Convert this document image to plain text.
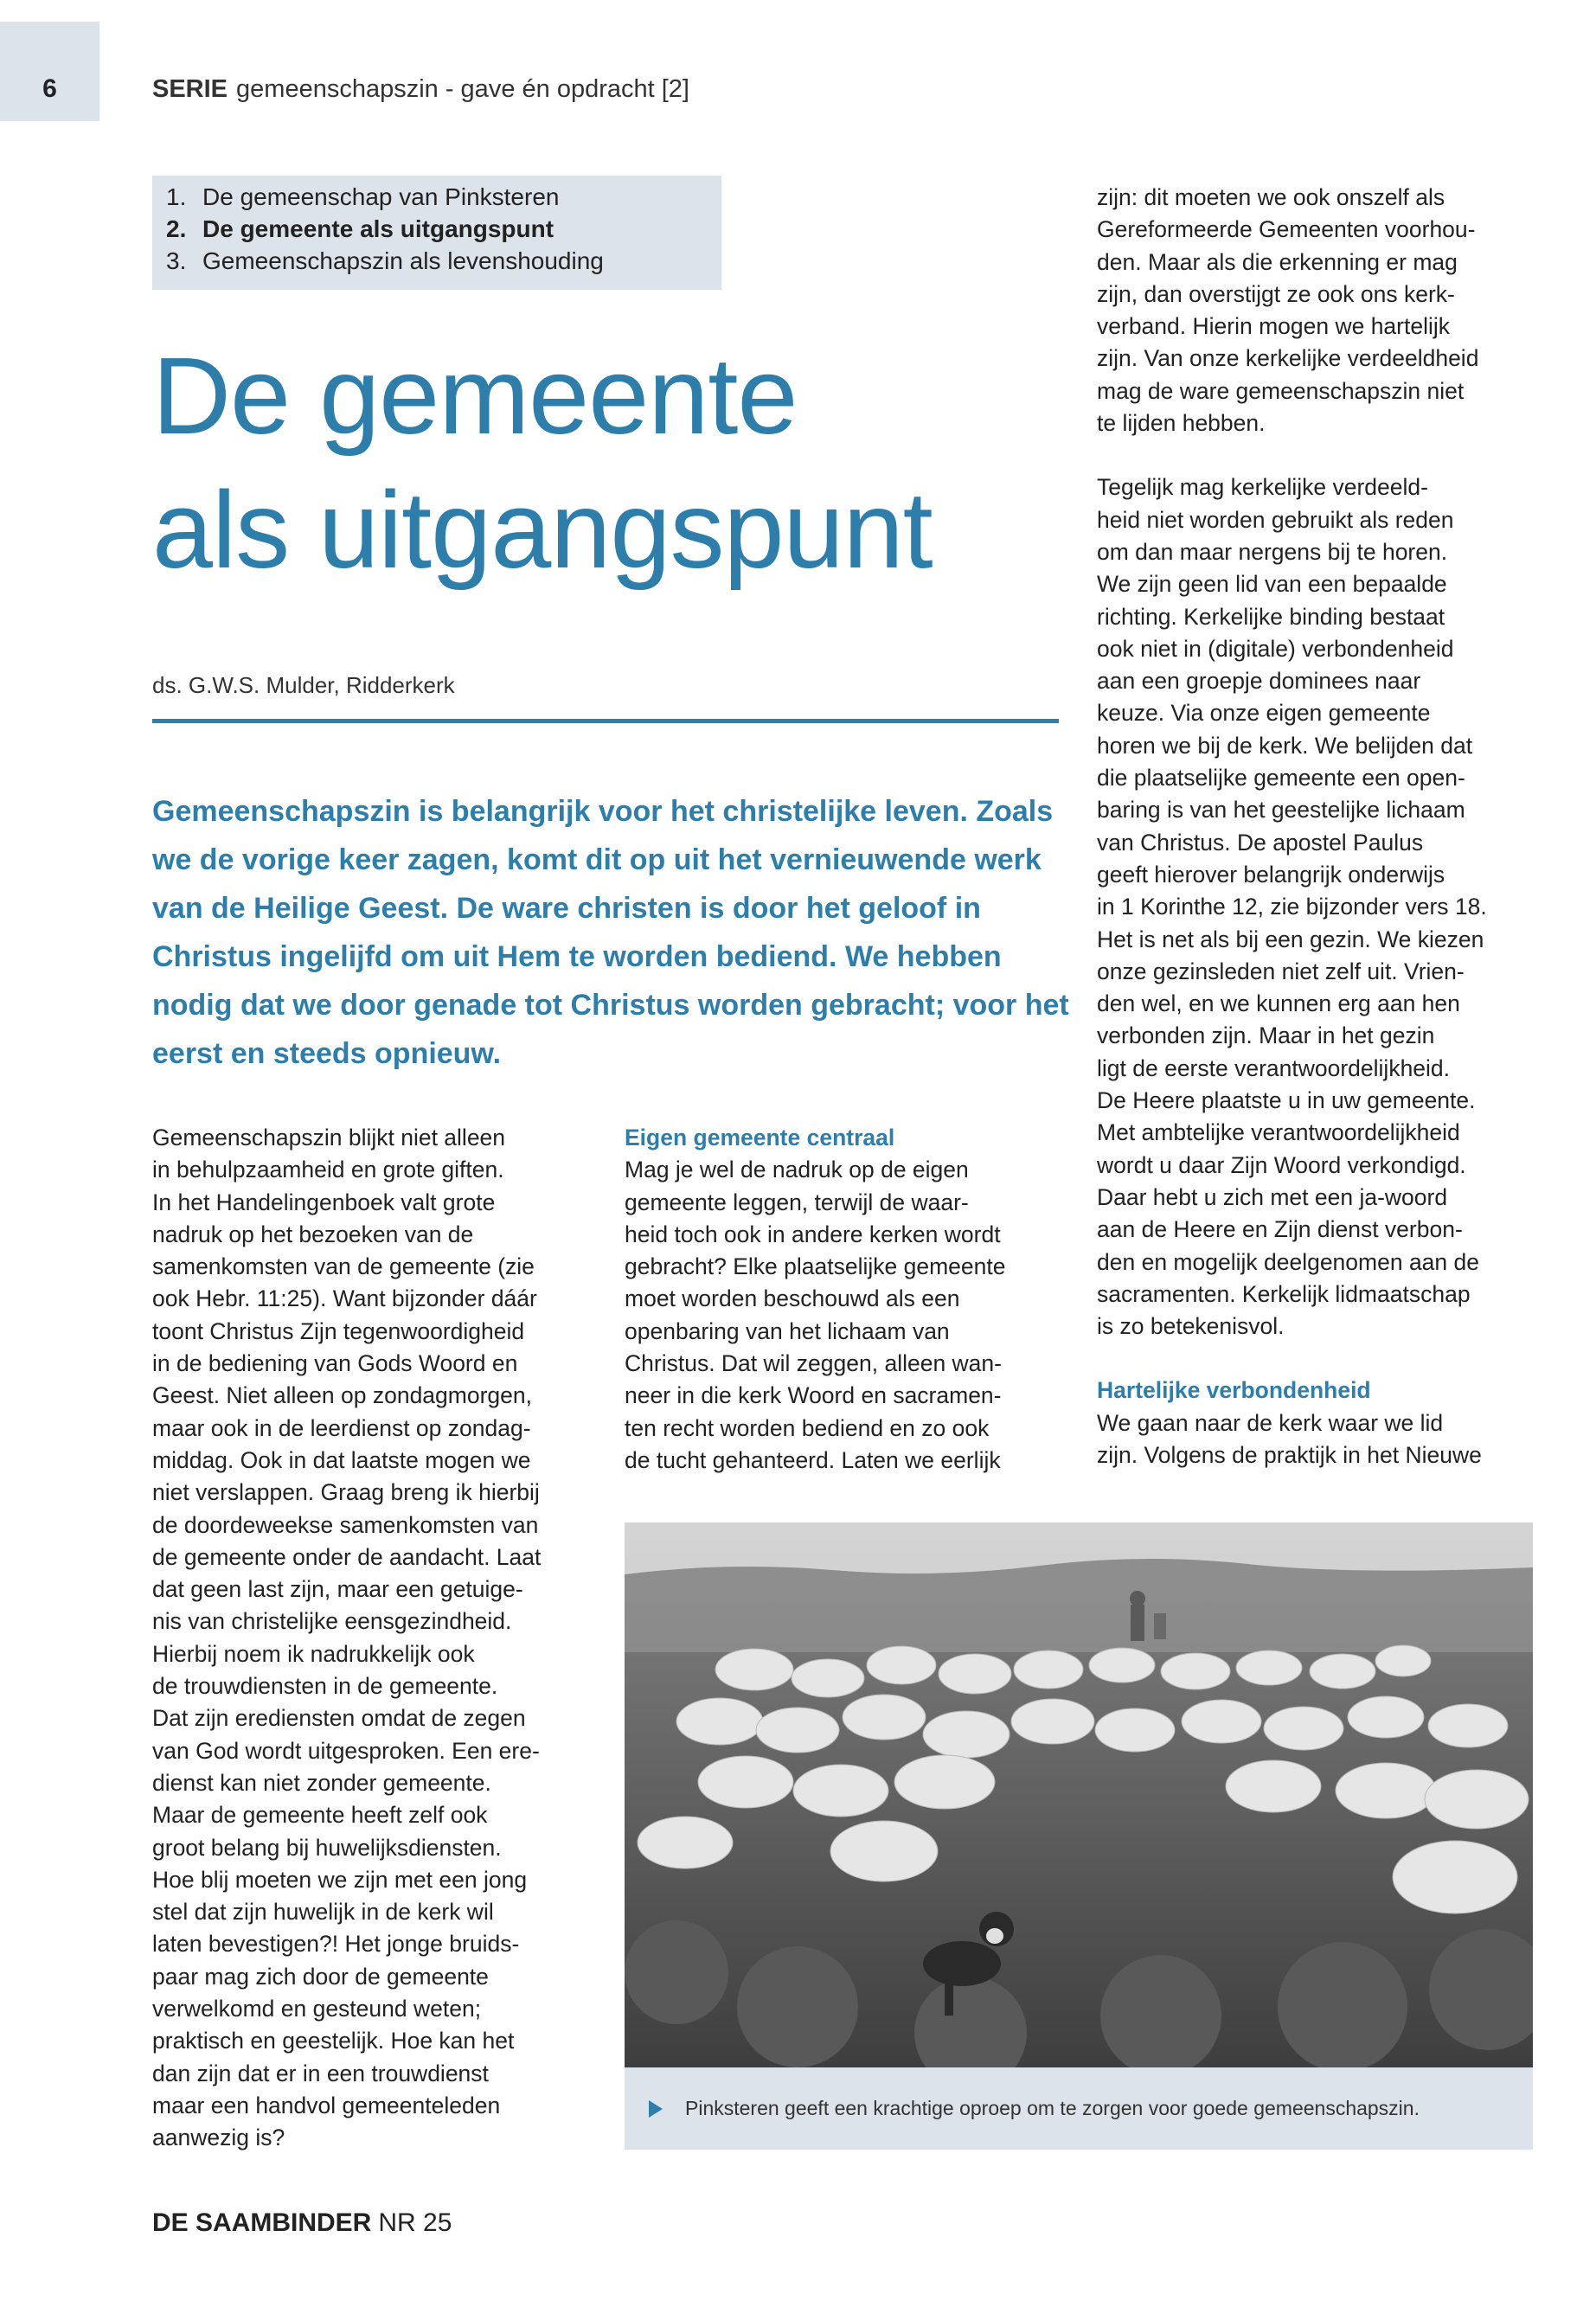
6	SERIE gemeenschapszin - gave én opdracht [2]
1. De gemeenschap van Pinksteren
2. De gemeente als uitgangspunt
3. Gemeenschapszin als levenshouding
De gemeente
als uitgangspunt
ds. G.W.S. Mulder, Ridderkerk

Gemeenschapszin is belangrijk voor het christelijke leven. Zoals we de vorige keer zagen, komt dit op uit het vernieuwende werk van de Heilige Geest. De ware christen is door het geloof in Christus ingelijfd om uit Hem te worden bediend. We hebben nodig dat we door genade tot Christus worden gebracht; voor het eerst en steeds opnieuw.

Gemeenschapszin blijkt niet alleen
in behulpzaamheid en grote giften.
In het Handelingenboek valt grote
nadruk op het bezoeken van de
samenkomsten van de gemeente (zie
ook Hebr. 11:25). Want bijzonder dáár
toont Christus Zijn tegenwoordigheid
in de bediening van Gods Woord en
Geest. Niet alleen op zondagmorgen,
maar ook in de leerdienst op zondag-
middag. Ook in dat laatste mogen we
niet verslappen. Graag breng ik hierbij
de doordeweekse samenkomsten van
de gemeente onder de aandacht. Laat
dat geen last zijn, maar een getuige-
nis van christelijke eensgezindheid.
Hierbij noem ik nadrukkelijk ook
de trouwdiensten in de gemeente.
Dat zijn erediensten omdat de zegen
van God wordt uitgesproken. Een ere-
dienst kan niet zonder gemeente.
Maar de gemeente heeft zelf ook
groot belang bij huwelijksdiensten.
Hoe blij moeten we zijn met een jong
stel dat zijn huwelijk in de kerk wil
laten bevestigen?! Het jonge bruids-
paar mag zich door de gemeente
verwelkomd en gesteund weten;
praktisch en geestelijk. Hoe kan het
dan zijn dat er in een trouwdienst
maar een handvol gemeenteleden
aanwezig is?
Eigen gemeente centraal
Mag je wel de nadruk op de eigen
gemeente leggen, terwijl de waar-
heid toch ook in andere kerken wordt
gebracht? Elke plaatselijke gemeente
moet worden beschouwd als een
openbaring van het lichaam van
Christus. Dat wil zeggen, alleen wan-
neer in die kerk Woord en sacramen-
ten recht worden bediend en zo ook
de tucht gehanteerd. Laten we eerlijk
zijn: dit moeten we ook onszelf als
Gereformeerde Gemeenten voorhou-
den. Maar als die erkenning er mag
zijn, dan overstijgt ze ook ons kerk-
verband. Hierin mogen we hartelijk
zijn. Van onze kerkelijke verdeeldheid
mag de ware gemeenschapszin niet
te lijden hebben.
Tegelijk mag kerkelijke verdeeld-
heid niet worden gebruikt als reden
om dan maar nergens bij te horen.
We zijn geen lid van een bepaalde
richting. Kerkelijke binding bestaat
ook niet in (digitale) verbondenheid
aan een groepje dominees naar
keuze. Via onze eigen gemeente
horen we bij de kerk. We belijden dat
die plaatselijke gemeente een open-
baring is van het geestelijke lichaam
van Christus. De apostel Paulus
geeft hierover belangrijk onderwijs
in 1 Korinthe 12, zie bijzonder vers 18.
Het is net als bij een gezin. We kiezen
onze gezinsleden niet zelf uit. Vrien-
den wel, en we kunnen erg aan hen
verbonden zijn. Maar in het gezin
ligt de eerste verantwoordelijkheid.
De Heere plaatste u in uw gemeente.
Met ambtelijke verantwoordelijkheid
wordt u daar Zijn Woord verkondigd.
Daar hebt u zich met een ja-woord
aan de Heere en Zijn dienst verbon-
den en mogelijk deelgenomen aan de
sacramenten. Kerkelijk lidmaatschap
is zo betekenisvol.
Hartelijke verbondenheid
We gaan naar de kerk waar we lid
zijn. Volgens de praktijk in het Nieuwe
Pinksteren geeft een krachtige oproep om te zorgen voor goede gemeenschapszin.
DE SAAMBINDER NR 25
